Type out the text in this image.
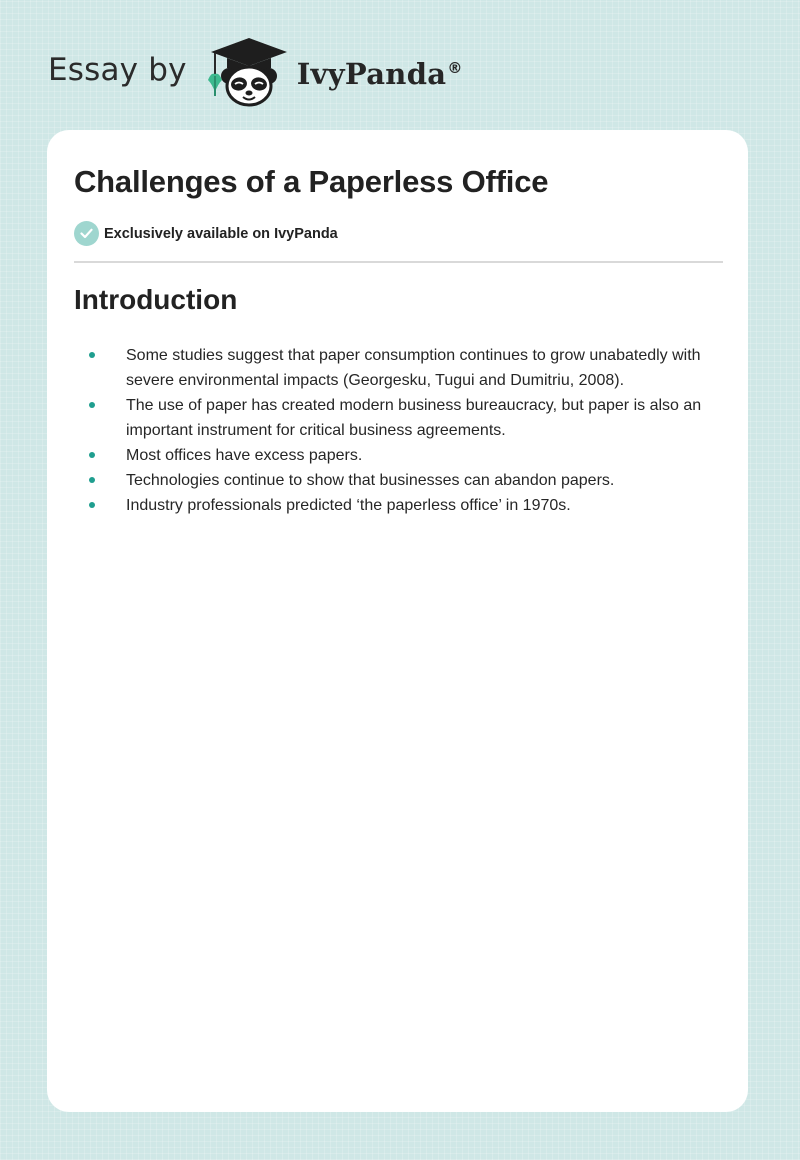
Essay by	IvyPanda®
Challenges of a Paperless Office
Exclusively available on IvyPanda
Introduction
Some studies suggest that paper consumption continues to grow unabatedly with severe environmental impacts (Georgesku, Tugui and Dumitriu, 2008).
The use of paper has created modern business bureaucracy, but paper is also an important instrument for critical business agreements.
Most offices have excess papers.
Technologies continue to show that businesses can abandon papers.
Industry professionals predicted ‘the paperless office’ in 1970s.
